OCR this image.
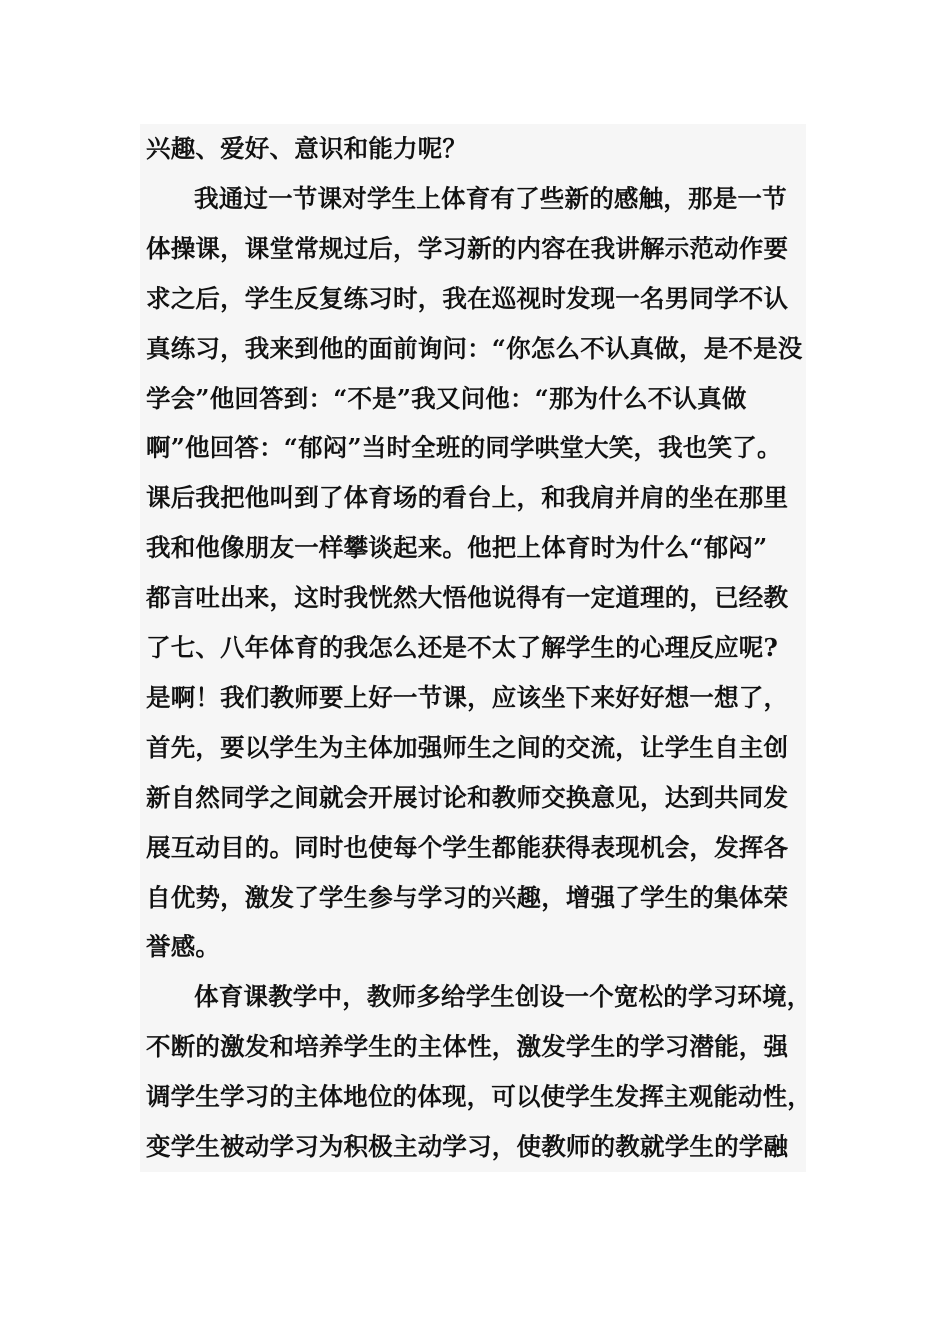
兴趣、爱好、意识和能力呢？
我通过一节课对学生上体育有了些新的感触，那是一节
体操课，课堂常规过后，学习新的内容在我讲解示范动作要
求之后，学生反复练习时，我在巡视时发现一名男同学不认
真练习，我来到他的面前询问：“你怎么不认真做，是不是没
学会”他回答到：“不是”我又问他：“那为什么不认真做
啊”他回答：“郁闷”当时全班的同学哄堂大笑，我也笑了。
课后我把他叫到了体育场的看台上，和我肩并肩的坐在那里
我和他像朋友一样攀谈起来。他把上体育时为什么“郁闷”
都言吐出来，这时我恍然大悟他说得有一定道理的，已经教
了七、八年体育的我怎么还是不太了解学生的心理反应呢?
是啊！我们教师要上好一节课，应该坐下来好好想一想了，
首先，要以学生为主体加强师生之间的交流，让学生自主创
新自然同学之间就会开展讨论和教师交换意见，达到共同发
展互动目的。同时也使每个学生都能获得表现机会，发挥各
自优势，激发了学生参与学习的兴趣，增强了学生的集体荣
誉感。
体育课教学中，教师多给学生创设一个宽松的学习环境，
不断的激发和培养学生的主体性，激发学生的学习潜能，强
调学生学习的主体地位的体现，可以使学生发挥主观能动性，
变学生被动学习为积极主动学习，使教师的教就学生的学融
